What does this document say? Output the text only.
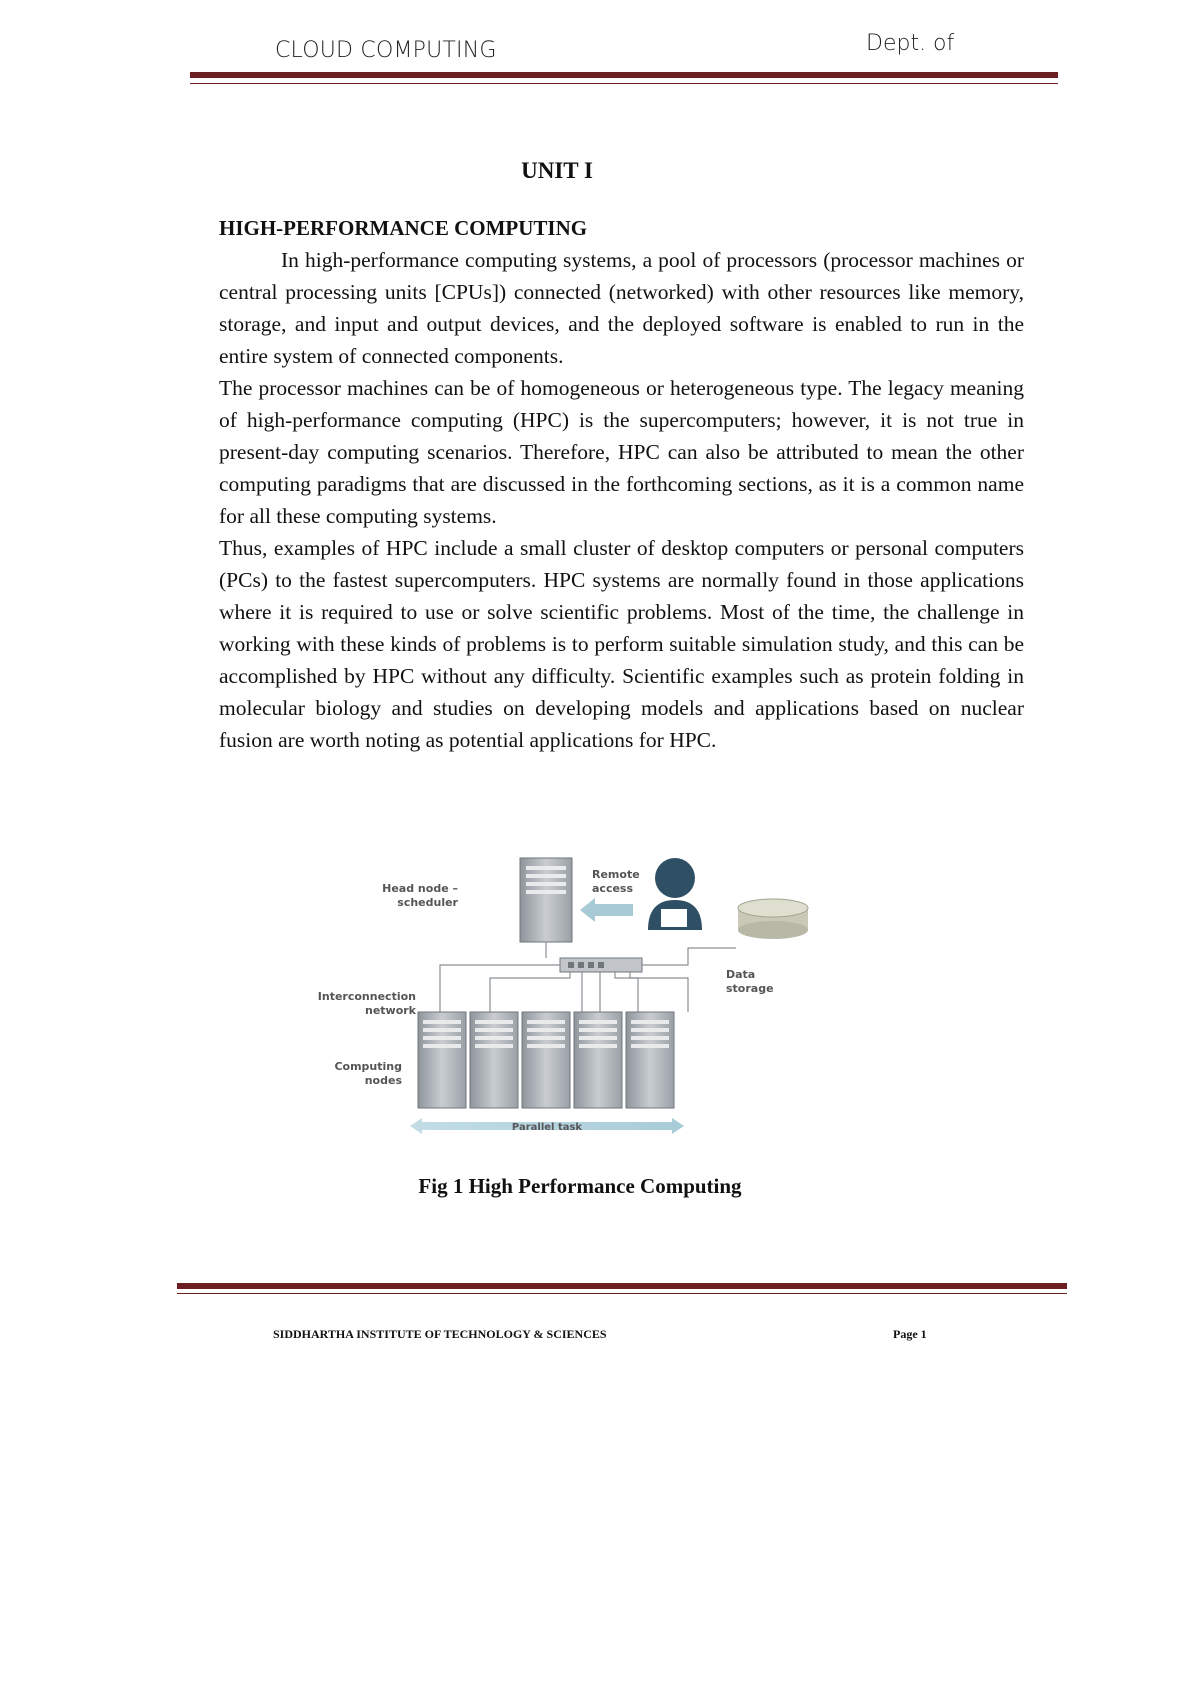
CLOUD COMPUTING	Dept. of
UNIT I

HIGH-PERFORMANCE COMPUTING

In high-performance computing systems, a pool of processors (processor machines or central processing units [CPUs]) connected (networked) with other resources like memory, storage, and input and output devices, and the deployed software is enabled to run in the entire system of connected components.

The processor machines can be of homogeneous or heterogeneous type. The legacy meaning of high-performance computing (HPC) is the supercomputers; however, it is not true in present-day computing scenarios. Therefore, HPC can also be attributed to mean the other computing paradigms that are discussed in the forthcoming sections, as it is a common name for all these computing systems.

Thus, examples of HPC include a small cluster of desktop computers or personal computers (PCs) to the fastest supercomputers. HPC systems are normally found in those applications where it is required to use or solve scientific problems. Most of the time, the challenge in working with these kinds of problems is to perform suitable simulation study, and this can be accomplished by HPC without any difficulty. Scientific examples such as protein folding in molecular biology and studies on developing models and applications based on nuclear fusion are worth noting as potential applications for HPC.

Head node –
scheduler
Remote
access
Interconnection
network
Data
storage
Computing
nodes
Parallel task
Fig 1 High Performance Computing
SIDDHARTHA INSTITUTE OF TECHNOLOGY & SCIENCES	Page 1
